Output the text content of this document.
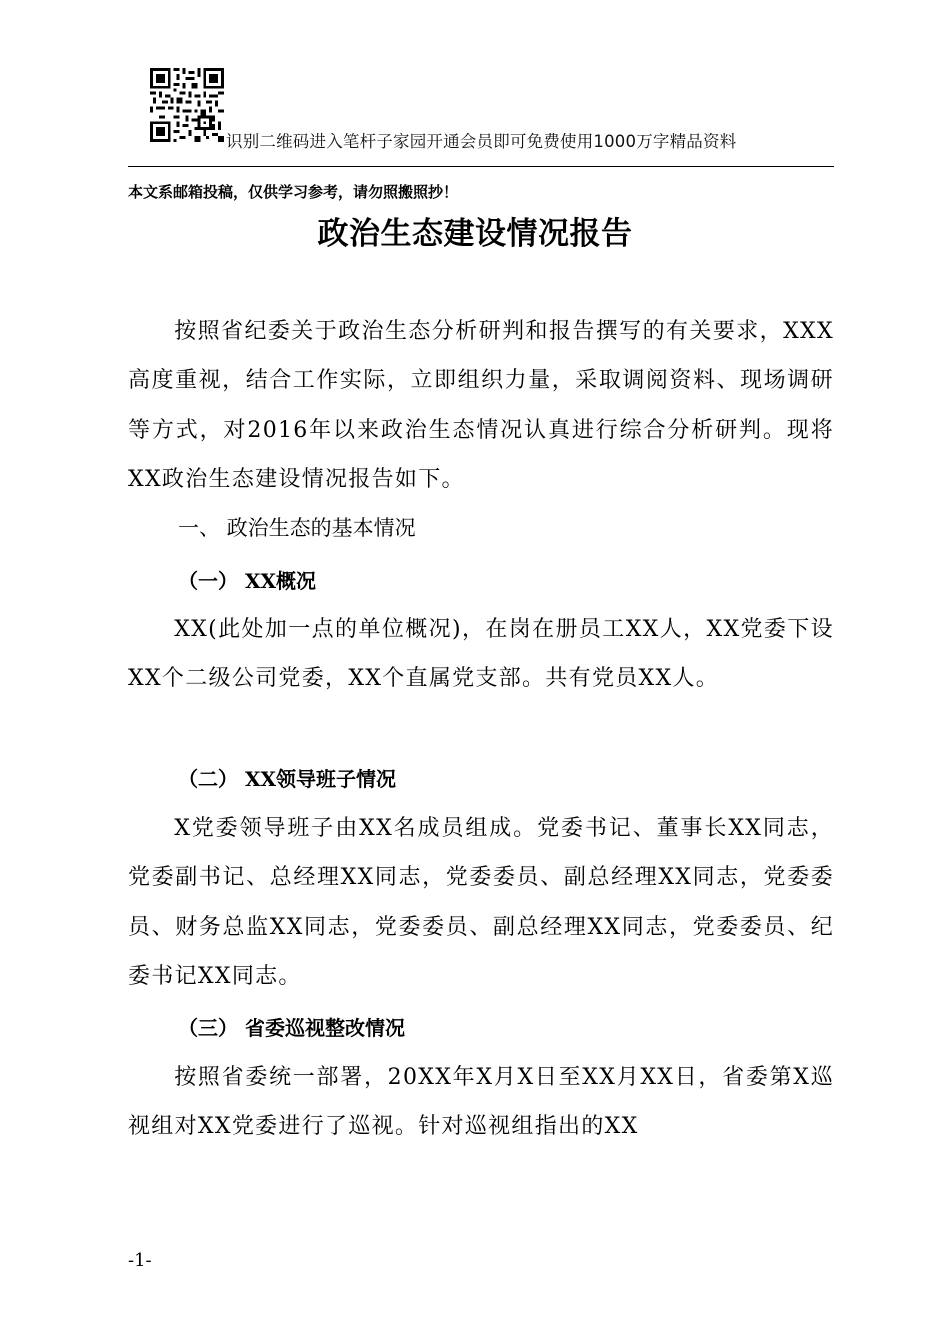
识别二维码进入笔杆子家园开通会员即可免费使用1000万字精品资料
本文系邮箱投稿，仅供学习参考，请勿照搬照抄！
政治生态建设情况报告

按照省纪委关于政治生态分析研判和报告撰写的有关要求，XXX高度重视，结合工作实际，立即组织力量，采取调阅资料、现场调研等方式，对2016年以来政治生态情况认真进行综合分析研判。现将XX政治生态建设情况报告如下。

一、 政治生态的基本情况
（一） XX概况

XX(此处加一点的单位概况)，在岗在册员工XX人，XX党委下设XX个二级公司党委，XX个直属党支部。共有党员XX人。

（二） XX领导班子情况

X党委领导班子由XX名成员组成。党委书记、董事长XX同志，党委副书记、总经理XX同志，党委委员、副总经理XX同志，党委委员、财务总监XX同志，党委委员、副总经理XX同志，党委委员、纪委书记XX同志。

（三） 省委巡视整改情况

按照省委统一部署，20XX年X月X日至XX月XX日，省委第X巡视组对XX党委进行了巡视。针对巡视组指出的XX

-1-
